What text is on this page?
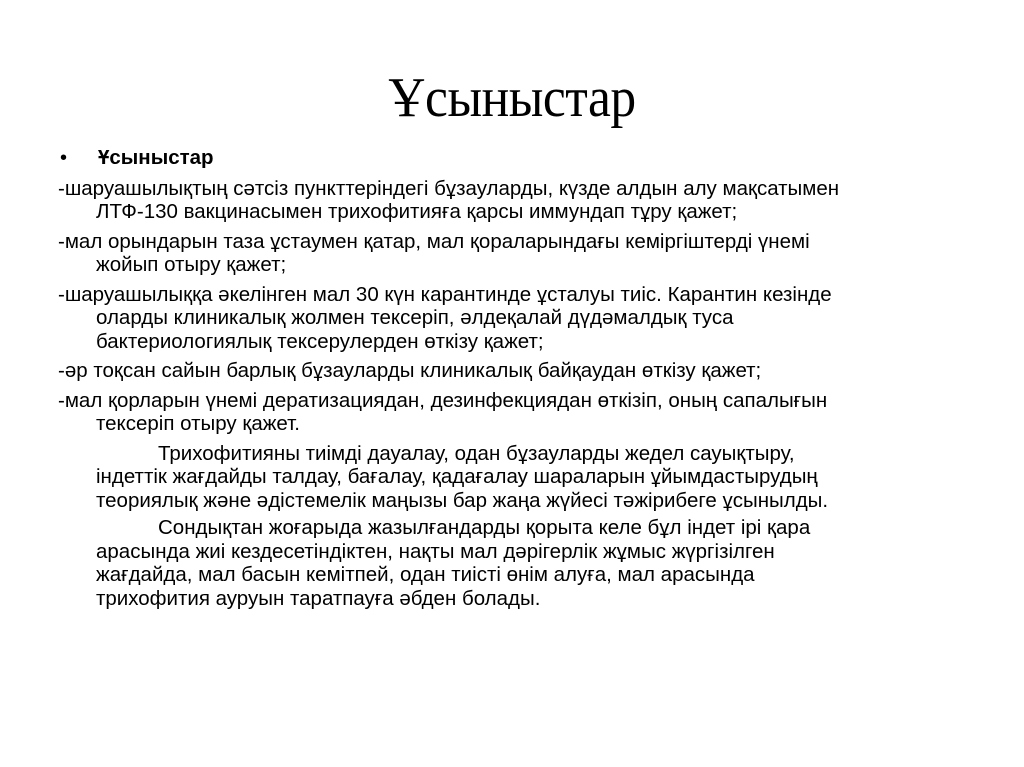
Ұсыныстар
•	Ұсыныстар
-шаруашылықтың сәтсіз пункттеріндегі бұзауларды, күзде алдын алу мақсатымен
ЛТФ-130 вакцинасымен трихофитияға қарсы иммундап тұру қажет;
-мал орындарын таза ұстаумен қатар, мал қораларындағы кеміргіштерді үнемі
жойып отыру қажет;
-шаруашылыққа әкелінген мал 30 күн карантинде ұсталуы тиіс. Карантин кезінде
оларды клиникалық жолмен тексеріп, әлдеқалай дүдәмалдық туса
бактериологиялық тексерулерден өткізу қажет;
-әр тоқсан сайын барлық бұзауларды клиникалық байқаудан өткізу қажет;
-мал қорларын үнемі дератизациядан, дезинфекциядан өткізіп, оның сапалығын
тексеріп отыру қажет.
Трихофитияны тиімді дауалау, одан бұзауларды жедел сауықтыру,
індеттік жағдайды талдау, бағалау, қадағалау шараларын ұйымдастырудың
теориялық және әдістемелік маңызы бар жаңа жүйесі тәжірибеге ұсынылды.
Сондықтан жоғарыда жазылғандарды қорыта келе бұл індет ірі қара
арасында жиі кездесетіндіктен, нақты мал дәрігерлік жұмыс жүргізілген
жағдайда, мал басын кемітпей, одан тиісті өнім алуға, мал арасында
трихофития ауруын таратпауға әбден болады.
